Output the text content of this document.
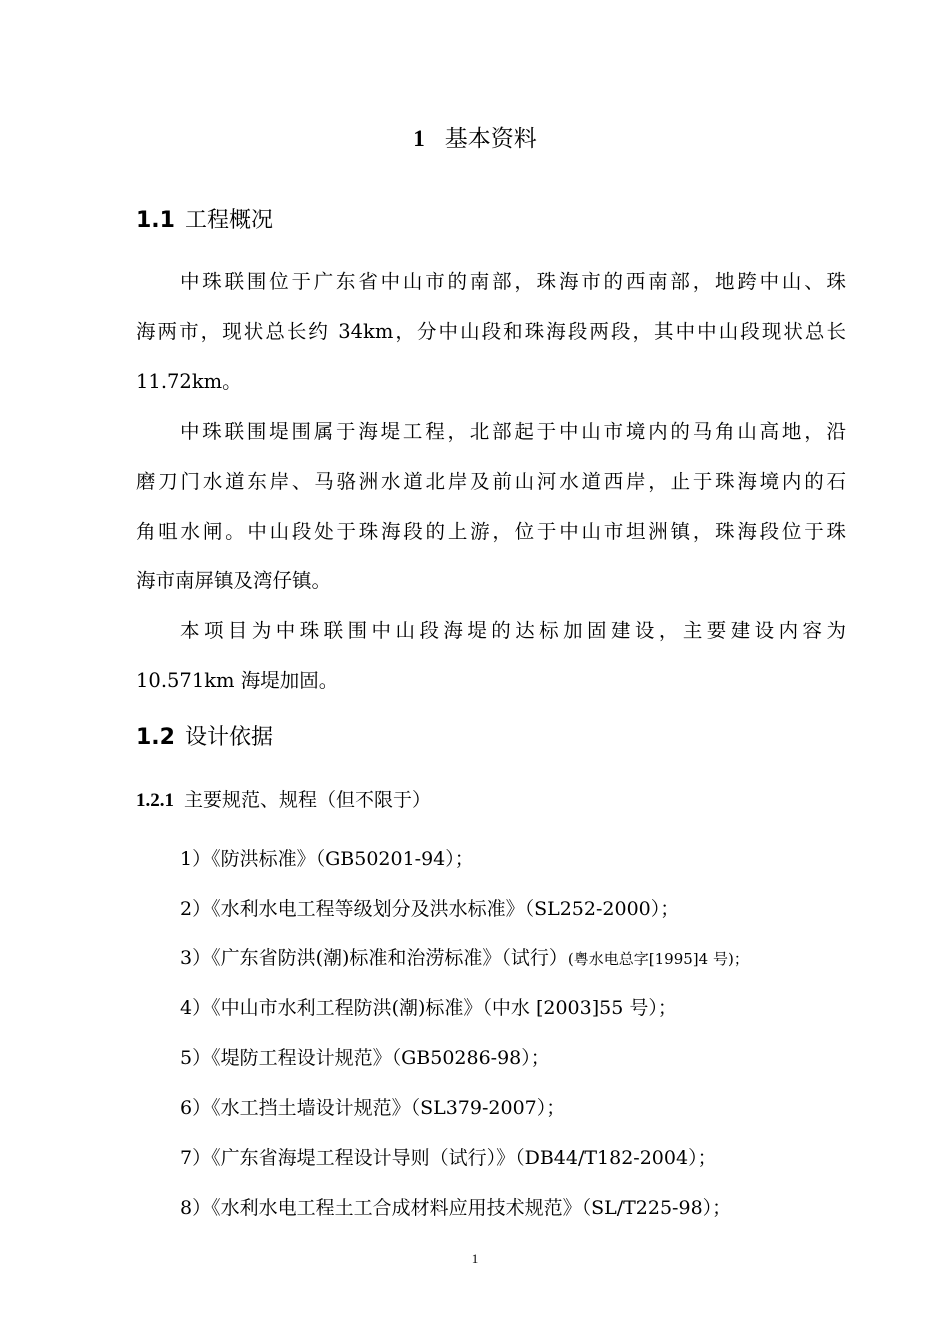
1 基本资料
1.1 工程概况
中珠联围位于广东省中山市的南部，珠海市的西南部，地跨中山、珠
海两市，现状总长约 34km，分中山段和珠海段两段，其中中山段现状总长
11.72km。
中珠联围堤围属于海堤工程，北部起于中山市境内的马角山高地，沿
磨刀门水道东岸、马骆洲水道北岸及前山河水道西岸，止于珠海境内的石
角咀水闸。中山段处于珠海段的上游，位于中山市坦洲镇，珠海段位于珠
海市南屏镇及湾仔镇。
本项目为中珠联围中山段海堤的达标加固建设，主要建设内容为
10.571km 海堤加固。
1.2 设计依据
1.2.1 主要规范、规程（但不限于）
1）《防洪标准》（GB50201-94）；
2）《水利水电工程等级划分及洪水标准》（SL252-2000）；
3）《广东省防洪(潮)标准和治涝标准》（试行）(粤水电总字[1995]4 号)；
4）《中山市水利工程防洪(潮)标准》（中水 [2003]55 号）；
5）《堤防工程设计规范》（GB50286-98）；
6）《水工挡土墙设计规范》（SL379-2007）；
7）《广东省海堤工程设计导则（试行）》（DB44/T182-2004）；
8）《水利水电工程土工合成材料应用技术规范》（SL/T225-98）；
1
